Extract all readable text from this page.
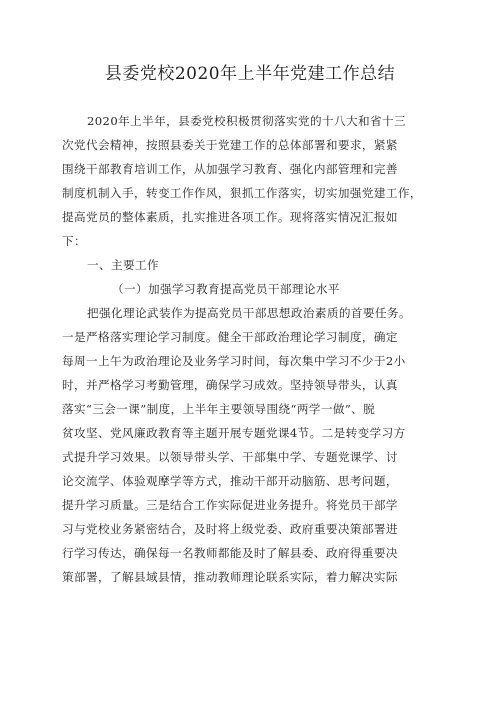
县委党校2020年上半年党建工作总结
2020年上半年，县委党校积极贯彻落实党的十八大和省十三
次党代会精神，按照县委关于党建工作的总体部署和要求，紧紧
围绕干部教育培训工作，从加强学习教育、强化内部管理和完善
制度机制入手，转变工作作风，狠抓工作落实，切实加强党建工作，
提高党员的整体素质，扎实推进各项工作。现将落实情况汇报如
下：
一、主要工作
（一）加强学习教育提高党员干部理论水平
把强化理论武装作为提高党员干部思想政治素质的首要任务。
一是严格落实理论学习制度。健全干部政治理论学习制度，确定
每周一上午为政治理论及业务学习时间，每次集中学习不少于2小
时，并严格学习考勤管理，确保学习成效。坚持领导带头，认真
落实“三会一课”制度，上半年主要领导围绕“两学一做”、脱
贫攻坚、党风廉政教育等主题开展专题党课4节。二是转变学习方
式提升学习效果。以领导带头学、干部集中学、专题党课学、讨
论交流学、体验观摩学等方式，推动干部开动脑筋、思考问题，
提升学习质量。三是结合工作实际促进业务提升。将党员干部学
习与党校业务紧密结合，及时将上级党委、政府重要决策部署进
行学习传达，确保每一名教师都能及时了解县委、政府得重要决
策部署，了解县域县情，推动教师理论联系实际，着力解决实际
